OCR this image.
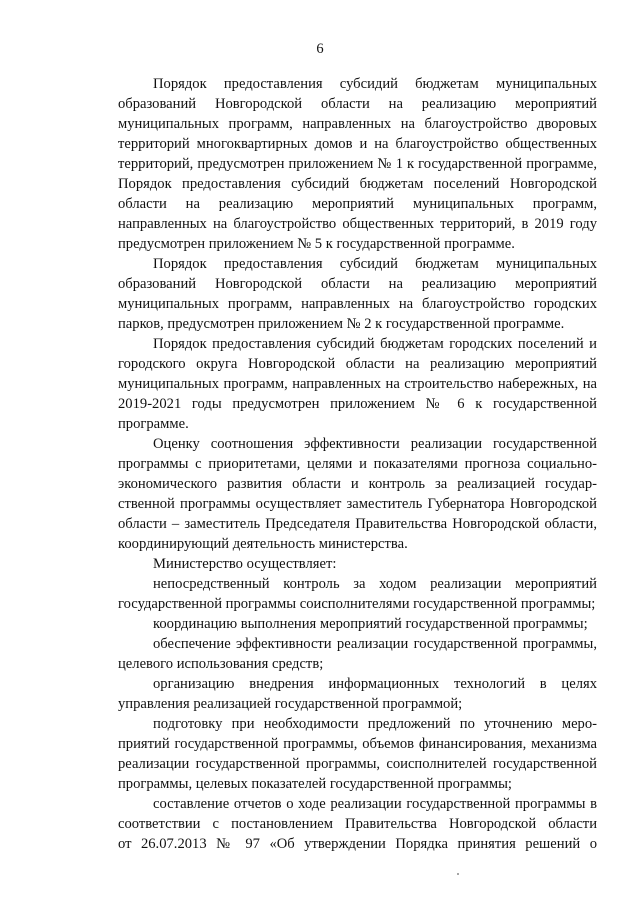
6
Порядок предоставления субсидий бюджетам муниципальных
образований Новгородской области на реализацию мероприятий
муниципальных программ, направленных на благоустройство дворовых
территорий многоквартирных домов и на благоустройство общественных
территорий, предусмотрен приложением № 1 к государственной программе,
Порядок предоставления субсидий бюджетам поселений Новгородской
области на реализацию мероприятий муниципальных программ,
направленных на благоустройство общественных территорий, в 2019 году
предусмотрен приложением № 5 к государственной программе.
Порядок предоставления субсидий бюджетам муниципальных
образований Новгородской области на реализацию мероприятий
муниципальных программ, направленных на благоустройство городских
парков, предусмотрен приложением № 2 к государственной программе.
Порядок предоставления субсидий бюджетам городских поселений и
городского округа Новгородской области на реализацию мероприятий
муниципальных программ, направленных на строительство набережных, на
2019-2021 годы предусмотрен приложением № 6 к государственной
программе.
Оценку соотношения эффективности реализации государственной
программы с приоритетами, целями и показателями прогноза социально-
экономического развития области и контроль за реализацией государ-
ственной программы осуществляет заместитель Губернатора Новгородской
области – заместитель Председателя Правительства Новгородской области,
координирующий деятельность министерства.
Министерство осуществляет:
непосредственный контроль за ходом реализации мероприятий
государственной программы соисполнителями государственной программы;
координацию выполнения мероприятий государственной программы;
обеспечение эффективности реализации государственной программы,
целевого использования средств;
организацию внедрения информационных технологий в целях
управления реализацией государственной программой;
подготовку при необходимости предложений по уточнению меро-
приятий государственной программы, объемов финансирования, механизма
реализации государственной программы, соисполнителей государственной
программы, целевых показателей государственной программы;
составление отчетов о ходе реализации государственной программы в
соответствии с постановлением Правительства Новгородской области
от 26.07.2013 № 97 «Об утверждении Порядка принятия решений о
